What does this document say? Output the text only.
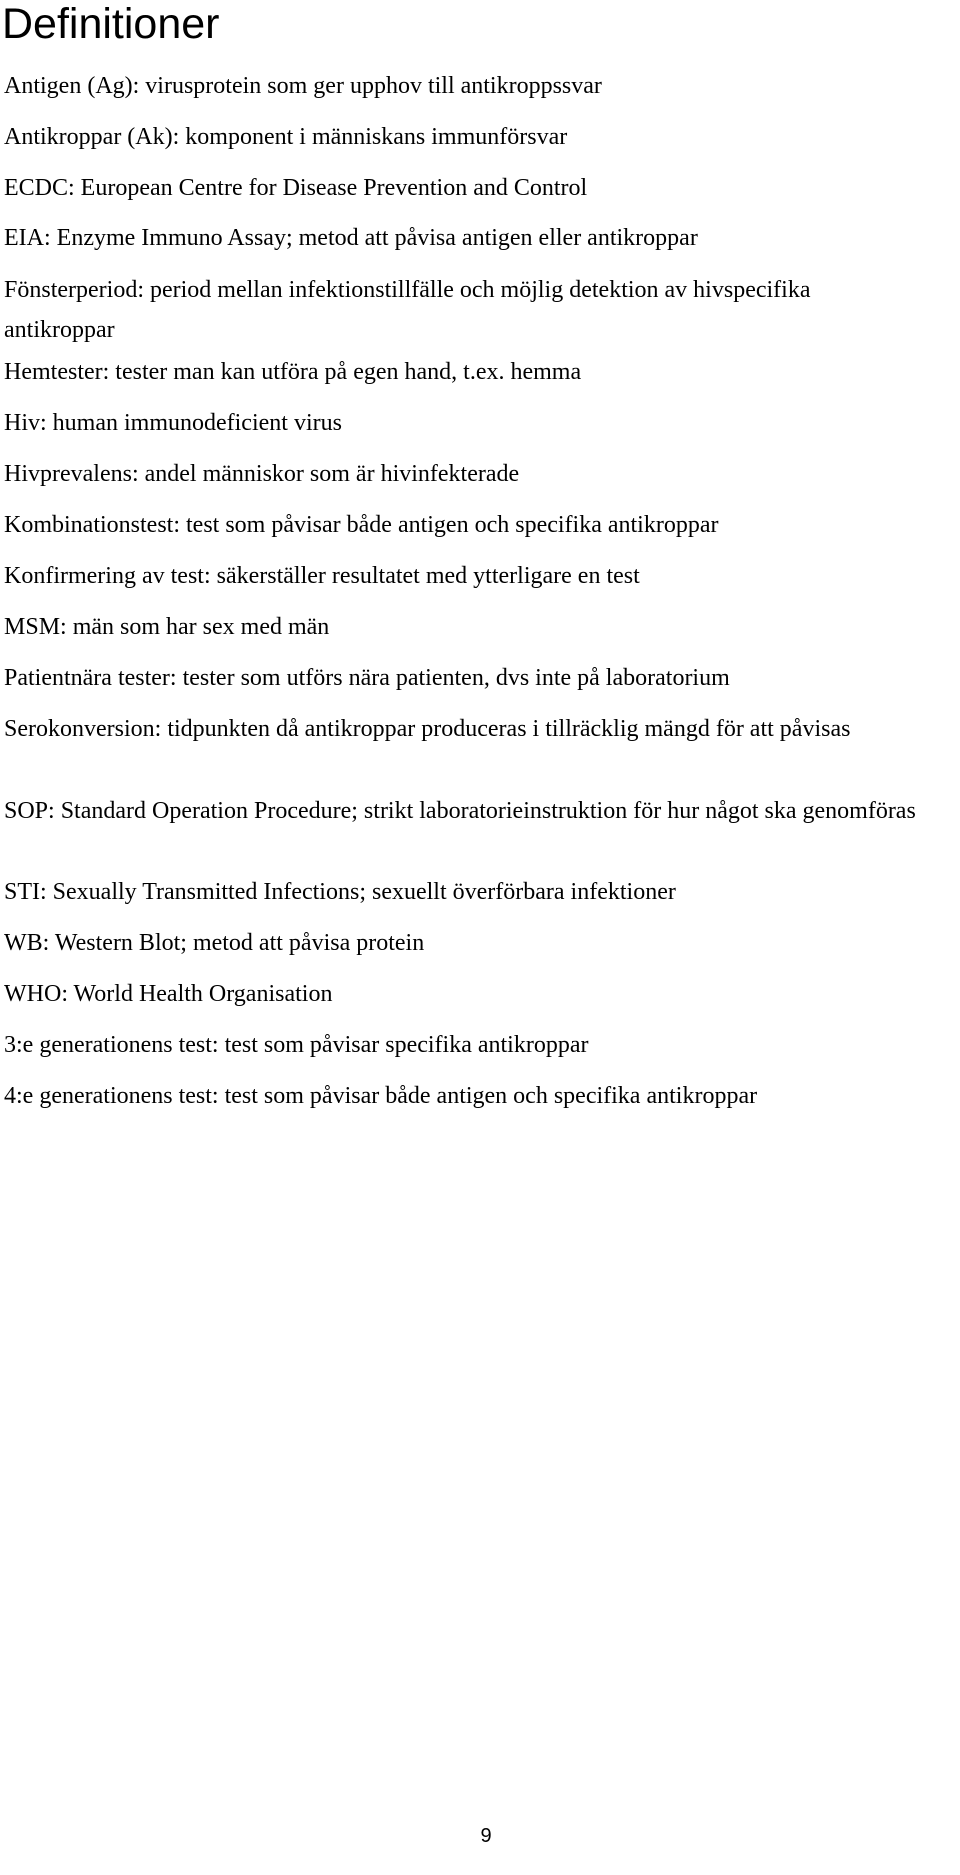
Definitioner
Antigen (Ag): virusprotein som ger upphov till antikroppssvar
Antikroppar (Ak): komponent i människans immunförsvar
ECDC: European Centre for Disease Prevention and Control
EIA: Enzyme Immuno Assay; metod att påvisa antigen eller antikroppar
Fönsterperiod: period mellan infektionstillfälle och möjlig detektion av hivspecifika antikroppar
Hemtester: tester man kan utföra på egen hand, t.ex. hemma
Hiv: human immunodeficient virus
Hivprevalens: andel människor som är hivinfekterade
Kombinationstest: test som påvisar både antigen och specifika antikroppar
Konfirmering av test: säkerställer resultatet med ytterligare en test
MSM: män som har sex med män
Patientnära tester: tester som utförs nära patienten, dvs inte på laboratorium
Serokonversion: tidpunkten då antikroppar produceras i tillräcklig mängd för att påvisas
SOP: Standard Operation Procedure; strikt laboratorieinstruktion för hur något ska genomföras
STI: Sexually Transmitted Infections; sexuellt överförbara infektioner
WB: Western Blot; metod att påvisa protein
WHO: World Health Organisation
3:e generationens test: test som påvisar specifika antikroppar
4:e generationens test: test som påvisar både antigen och specifika antikroppar
9
